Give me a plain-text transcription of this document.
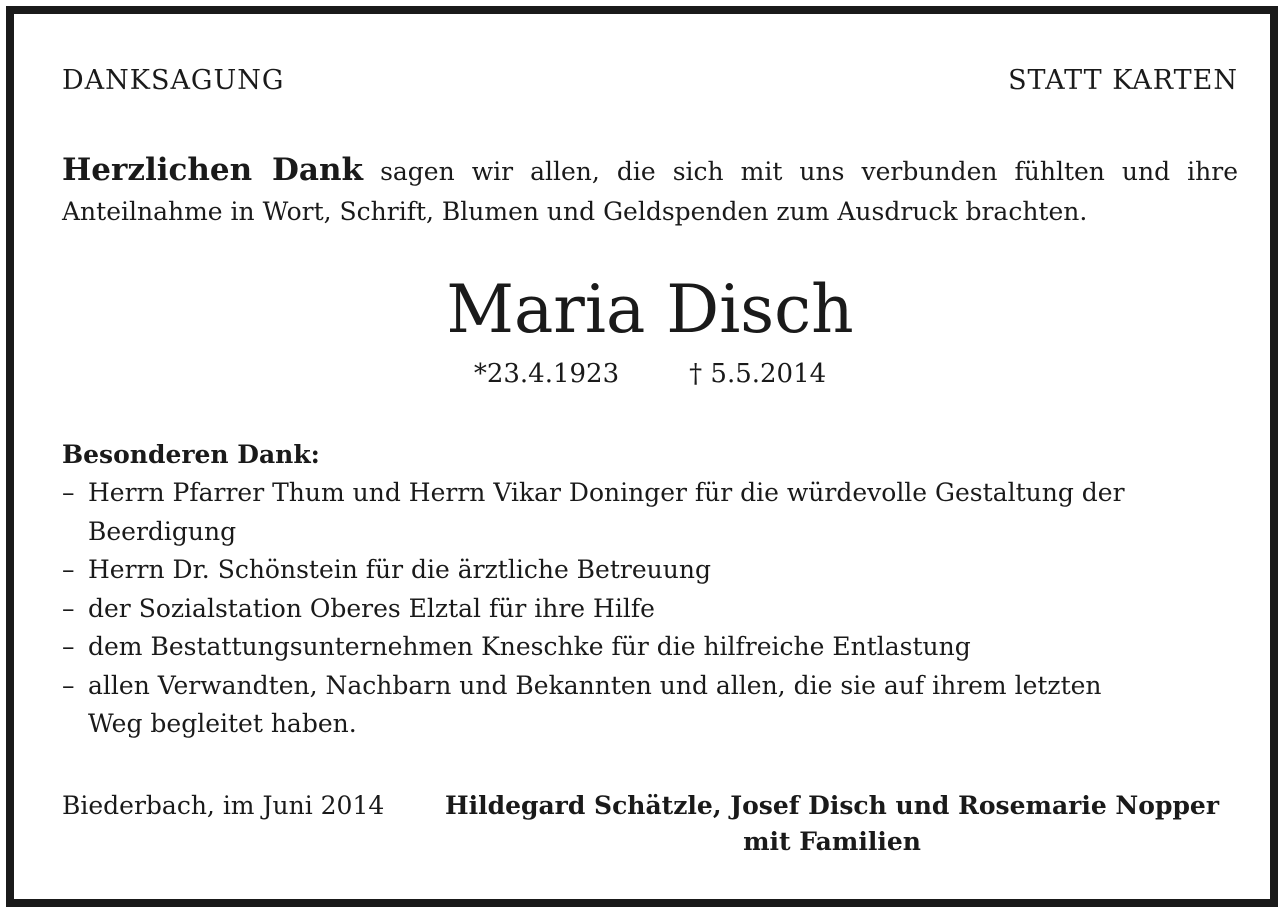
DANKSAGUNG	STATT KARTEN
Herzlichen Dank sagen wir allen, die sich mit uns verbunden fühlten und ihre Anteilnahme in Wort, Schrift, Blumen und Geldspenden zum Ausdruck brachten.
Maria Disch
*23.4.1923	† 5.5.2014
Besonderen Dank:
– Herrn Pfarrer Thum und Herrn Vikar Doninger für die würdevolle Gestaltung der Beerdigung
– Herrn Dr. Schönstein für die ärztliche Betreuung
– der Sozialstation Oberes Elztal für ihre Hilfe
– dem Bestattungsunternehmen Kneschke für die hilfreiche Entlastung
– allen Verwandten, Nachbarn und Bekannten und allen, die sie auf ihrem letzten Weg begleitet haben.
Biederbach, im Juni 2014	Hildegard Schätzle, Josef Disch und Rosemarie Nopper
mit Familien
